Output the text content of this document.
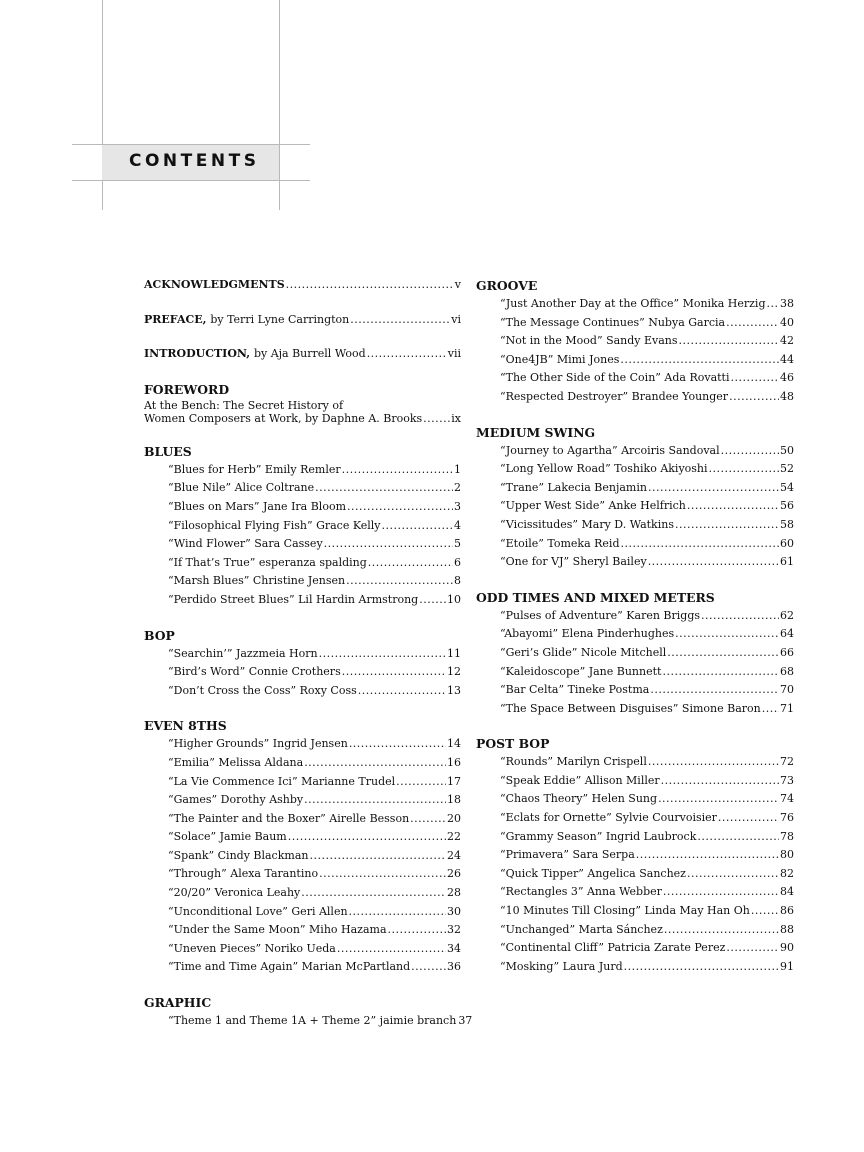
CONTENTS
ACKNOWLEDGMENTS .....	v
PREFACE, by Terri Lyne Carrington .....	vi
INTRODUCTION, by Aja Burrell Wood .....	vii
FOREWORD
At the Bench: The Secret History of
Women Composers at Work, by Daphne A. Brooks .....	ix
BLUES
“Blues for Herb” Emily Remler .....	1
“Blue Nile” Alice Coltrane .....	2
“Blues on Mars” Jane Ira Bloom .....	3
“Filosophical Flying Fish” Grace Kelly .....	4
“Wind Flower” Sara Cassey .....	5
“If That’s True” esperanza spalding .....	6
“Marsh Blues” Christine Jensen .....	8
“Perdido Street Blues” Lil Hardin Armstrong .....	10
BOP
“Searchin’” Jazzmeia Horn .....	11
“Bird’s Word” Connie Crothers .....	12
“Don’t Cross the Coss” Roxy Coss .....	13
EVEN 8THS
“Higher Grounds” Ingrid Jensen .....	14
“Emilia” Melissa Aldana .....	16
“La Vie Commence Ici” Marianne Trudel .....	17
“Games” Dorothy Ashby .....	18
“The Painter and the Boxer” Airelle Besson .....	20
“Solace” Jamie Baum .....	22
“Spank” Cindy Blackman .....	24
“Through” Alexa Tarantino .....	26
“20/20” Veronica Leahy .....	28
“Unconditional Love” Geri Allen .....	30
“Under the Same Moon” Miho Hazama .....	32
“Uneven Pieces” Noriko Ueda .....	34
“Time and Time Again” Marian McPartland .....	36
GRAPHIC
“Theme 1 and Theme 1A + Theme 2” jaimie branch 37
GROOVE
“Just Another Day at the Office” Monika Herzig ..... 38
“The Message Continues” Nubya Garcia .....	40
“Not in the Mood” Sandy Evans .....	42
“One4JB” Mimi Jones .....	44
“The Other Side of the Coin” Ada Rovatti .....	46
“Respected Destroyer” Brandee Younger .....	48
MEDIUM SWING
“Journey to Agartha” Arcoiris Sandoval .....	50
“Long Yellow Road” Toshiko Akiyoshi .....	52
“Trane” Lakecia Benjamin .....	54
“Upper West Side” Anke Helfrich .....	56
“Vicissitudes” Mary D. Watkins .....	58
“Etoile” Tomeka Reid .....	60
“One for VJ” Sheryl Bailey .....	61
ODD TIMES AND MIXED METERS
“Pulses of Adventure” Karen Briggs .....	62
“Abayomi” Elena Pinderhughes .....	64
“Geri’s Glide” Nicole Mitchell .....	66
“Kaleidoscope” Jane Bunnett .....	68
“Bar Celta” Tineke Postma .....	70
“The Space Between Disguises” Simone Baron ..... 71
POST BOP
“Rounds” Marilyn Crispell .....	72
“Speak Eddie” Allison Miller .....	73
“Chaos Theory” Helen Sung .....	74
“Eclats for Ornette” Sylvie Courvoisier .....	76
“Grammy Season” Ingrid Laubrock .....	78
“Primavera” Sara Serpa .....	80
“Quick Tipper” Angelica Sanchez .....	82
“Rectangles 3” Anna Webber .....	84
“10 Minutes Till Closing” Linda May Han Oh .....	86
“Unchanged” Marta Sánchez .....	88
“Continental Cliff” Patricia Zarate Perez .....	90
“Mosking” Laura Jurd .....	91
